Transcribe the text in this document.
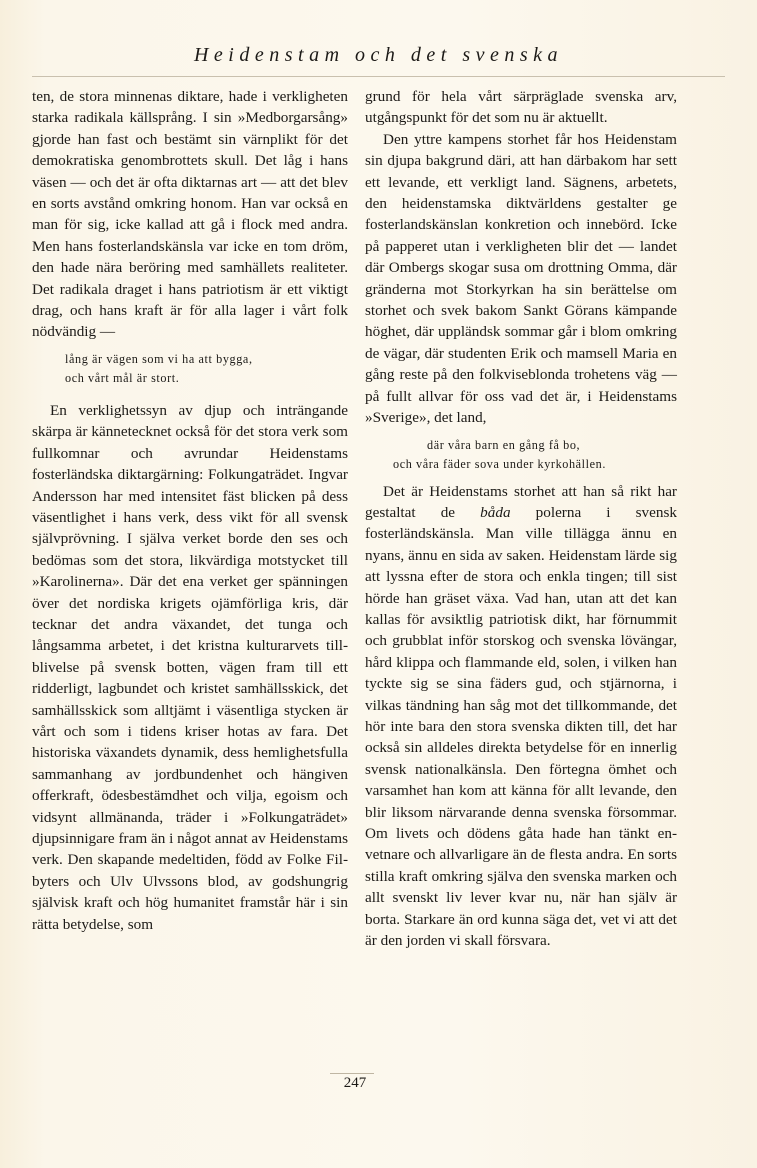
Heidenstam och det svenska

ten, de stora minnenas diktare, hade i verkligheten starka radikala källsprång. I sin »Medborgarsång» gjorde han fast och bestämt sin värnplikt för det demokratiska genombrottets skull. Det låg i hans väsen — och det är ofta diktarnas art — att det blev en sorts avstånd omkring honom. Han var också en man för sig, icke kallad att gå i flock med andra. Men hans fosterlandskänsla var icke en tom dröm, den hade nära beröring med samhällets realiteter. Det radikala draget i hans patriotism är ett viktigt drag, och hans kraft är för alla lager i vårt folk nödvändig —

lång är vägen som vi ha att bygga,
och vårt mål är stort.

En verklighetssyn av djup och inträngande skärpa är kännetecknet också för det stora verk som fullkomnar och avrundar Heidenstams fosterländska diktargärning: Folkungaträdet. Ingvar Andersson har med intensitet fäst blicken på dess väsentlighet i hans verk, dess vikt för all svensk självprövning. I själva verket borde den ses och bedömas som det stora, likvärdiga motstycket till »Karolinerna». Där det ena verket ger spänningen över det nordiska krigets ojämförliga kris, där tecknar det andra växandet, det tunga och långsamma arbetet, i det kristna kulturarvets tillblivelse på svensk botten, vägen fram till ett ridderligt, lagbundet och kristet samhällsskick, det samhällsskick som alltjämt i väsentliga stycken är vårt och som i tidens kriser hotas av fara. Det historiska växandets dynamik, dess hemlighetsfulla sammanhang av jordbundenhet och hängiven offerkraft, ödesbestämdhet och vilja, egoism och vidsynt allmänanda, träder i »Folkungaträdet» djupsinnigare fram än i något annat av Heidenstams verk. Den skapande medeltiden, född av Folke Filbyters och Ulv Ulvssons blod, av godshungrig självisk kraft och hög humanitet framstår här i sin rätta betydelse, som

grund för hela vårt särpräglade svenska arv, utgångspunkt för det som nu är aktuellt.

Den yttre kampens storhet får hos Heidenstam sin djupa bakgrund däri, att han därbakom har sett ett levande, ett verkligt land. Sägnens, arbetets, den heidenstamska diktvärldens gestalter ge fosterlandskänslan konkretion och innebörd. Icke på papperet utan i verkligheten blir det — landet där Ombergs skogar susa om drottning Omma, där gränderna mot Storkyrkan ha sin berättelse om storhet och svek bakom Sankt Görans kämpande höghet, där uppländsk sommar går i blom omkring de vägar, där studenten Erik och mamsell Maria en gång reste på den folkviseblonda trohetens väg — på fullt allvar för oss vad det är, i Heidenstams »Sverige», det land,

där våra barn en gång få bo,
och våra fäder sova under kyrkohällen.

Det är Heidenstams storhet att han så rikt har gestaltat de båda polerna i svensk fosterländskänsla. Man ville tillägga ännu en nyans, ännu en sida av saken. Heidenstam lärde sig att lyssna efter de stora och enkla tingen; till sist hörde han gräset växa. Vad han, utan att det kan kallas för avsiktlig patriotisk dikt, har förnummit och grubblat inför storskog och svenska lövängar, hård klippa och flammande eld, solen, i vilken han tyckte sig se sina fäders gud, och stjärnorna, i vilkas tändning han såg mot det tillkommande, det hör inte bara den stora svenska dikten till, det har också sin alldeles direkta betydelse för en innerlig svensk nationalkänsla. Den förtegna ömhet och varsamhet han kom att känna för allt levande, den blir liksom närvarande denna svenska försommar. Om livets och dödens gåta hade han tänkt envetnare och allvarligare än de flesta andra. En sorts stilla kraft omkring själva den svenska marken och allt svenskt liv lever kvar nu, när han själv är borta. Starkare än ord kunna säga det, vet vi att det är den jorden vi skall försvara.

247
